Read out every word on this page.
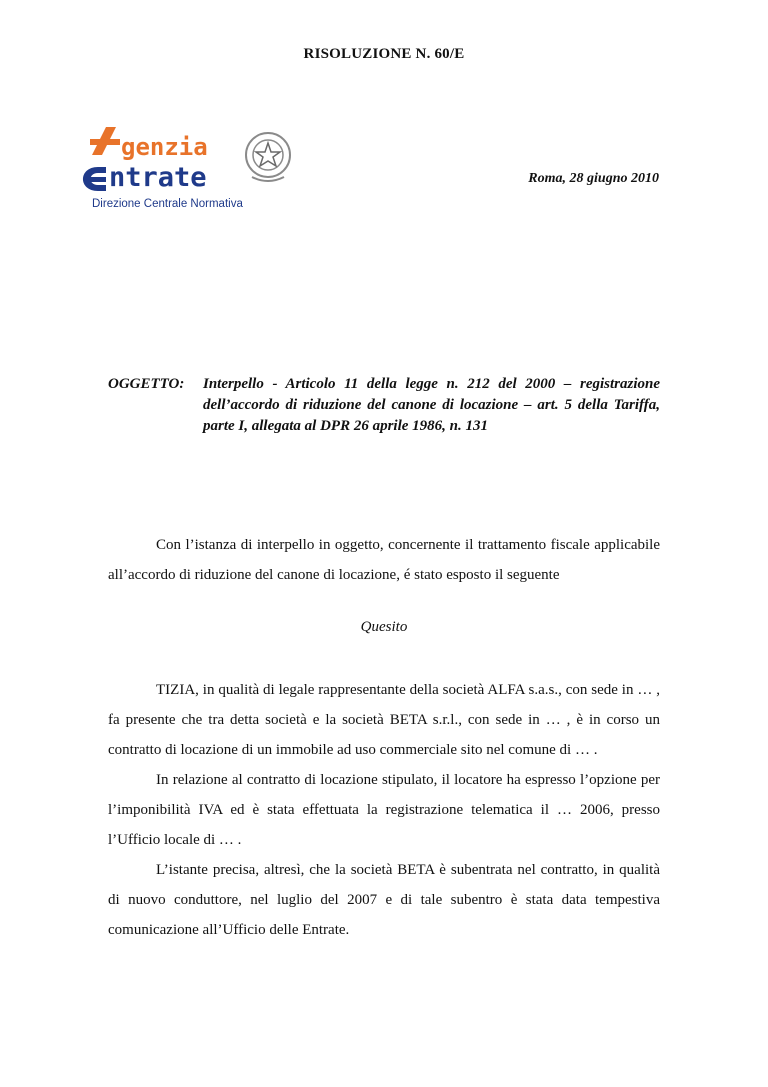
RISOLUZIONE N. 60/E
genzia
ntrate
Direzione Centrale Normativa
Roma, 28 giugno 2010
OGGETTO: Interpello - Articolo 11 della legge n. 212 del 2000 – registrazione dell’accordo di riduzione del canone di locazione – art. 5 della Tariffa, parte I, allegata al DPR 26 aprile 1986, n. 131

Con l’istanza di interpello in oggetto, concernente il trattamento fiscale applicabile all’accordo di riduzione del canone di locazione, é stato esposto il seguente

Quesito

TIZIA, in qualità di legale rappresentante della società ALFA s.a.s., con sede in … , fa presente che tra detta società e la società BETA s.r.l., con sede in … , è in corso un contratto di locazione di un immobile ad uso commerciale sito nel comune di … .

In relazione al contratto di locazione stipulato, il locatore ha espresso l’opzione per l’imponibilità IVA ed è stata effettuata la registrazione telematica il … 2006, presso l’Ufficio locale di … .

L’istante precisa, altresì, che la società BETA è subentrata nel contratto, in qualità di nuovo conduttore, nel luglio del 2007 e di tale subentro è stata data tempestiva comunicazione all’Ufficio delle Entrate.
